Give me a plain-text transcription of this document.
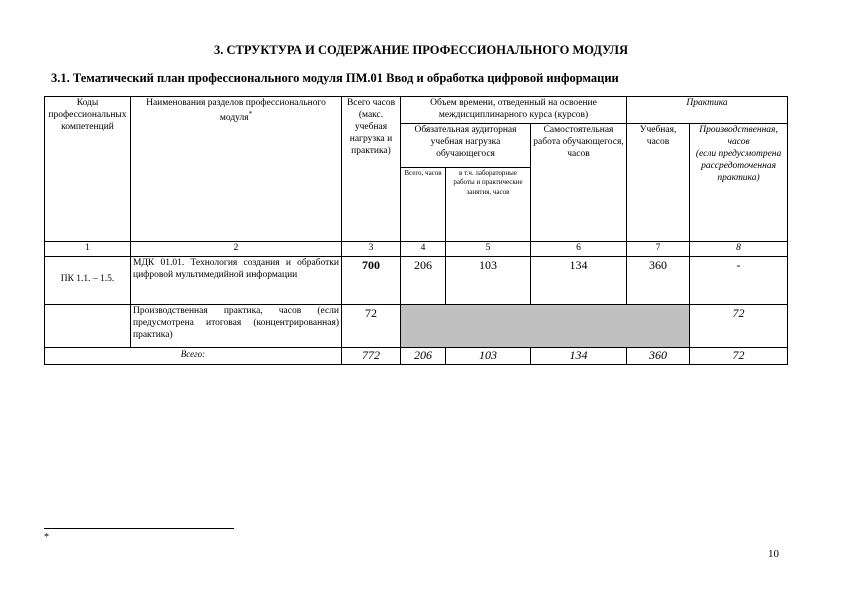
3. СТРУКТУРА И СОДЕРЖАНИЕ ПРОФЕССИОНАЛЬНОГО МОДУЛЯ
3.1. Тематический план профессионального модуля ПМ.01 Ввод и обработка цифровой информации
Коды профессиональных компетенций	Наименования разделов профессионального модуля*	Всего часов (макс. учебная нагрузка и практика)	Объем времени, отведенный на освоение междисциплинарного курса (курсов)			Практика	
			Обязательная аудиторная учебная нагрузка обучающегося		Самостоятельная работа обучающегося, часов	Учебная, часов	Производственная, часов
(если предусмотрена рассредоточенная практика)
			Всего, часов	в т.ч. лабораторные работы и практические занятия, часов			
1	2	3	4	5	6	7	8
ПК 1.1. – 1.5.	МДК 01.01. Технология создания и обработки цифровой мультимедийной информации	700	206	103	134	360	-
	Производственная практика, часов (если предусмотрена итоговая (концентрированная) практика)	72					72
Всего:		772	206	103	134	360	72
*
10
